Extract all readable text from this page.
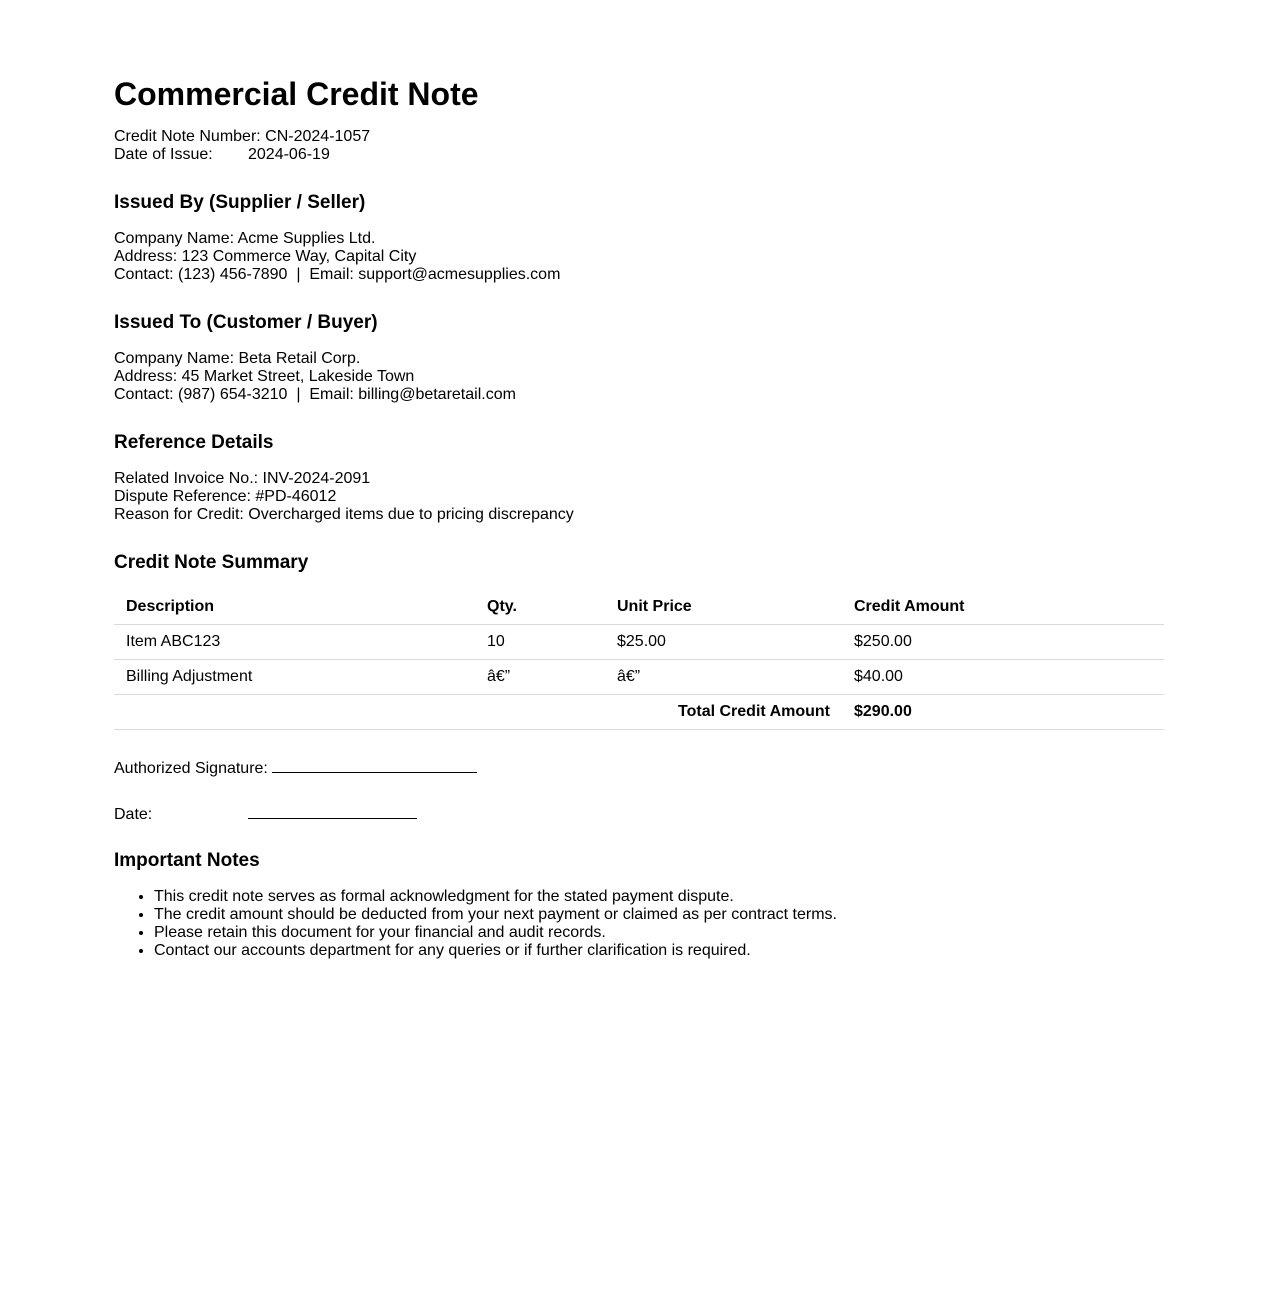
Commercial Credit Note
Credit Note Number: CN-2024-1057
Date of Issue: 2024-06-19
Issued By (Supplier / Seller)
Company Name: Acme Supplies Ltd.
Address: 123 Commerce Way, Capital City
Contact: (123) 456-7890  |  Email: support@acmesupplies.com
Issued To (Customer / Buyer)
Company Name: Beta Retail Corp.
Address: 45 Market Street, Lakeside Town
Contact: (987) 654-3210  |  Email: billing@betaretail.com
Reference Details
Related Invoice No.: INV-2024-2091
Dispute Reference: #PD-46012
Reason for Credit: Overcharged items due to pricing discrepancy
Credit Note Summary
Description	Qty.	Unit Price	Credit Amount
Item ABC123	10	$25.00	$250.00
Billing Adjustment	â€”	â€”	$40.00
Total Credit Amount			$290.00
Authorized Signature:
Date:
Important Notes
• This credit note serves as formal acknowledgment for the stated payment dispute.
• The credit amount should be deducted from your next payment or claimed as per contract terms.
• Please retain this document for your financial and audit records.
• Contact our accounts department for any queries or if further clarification is required.
